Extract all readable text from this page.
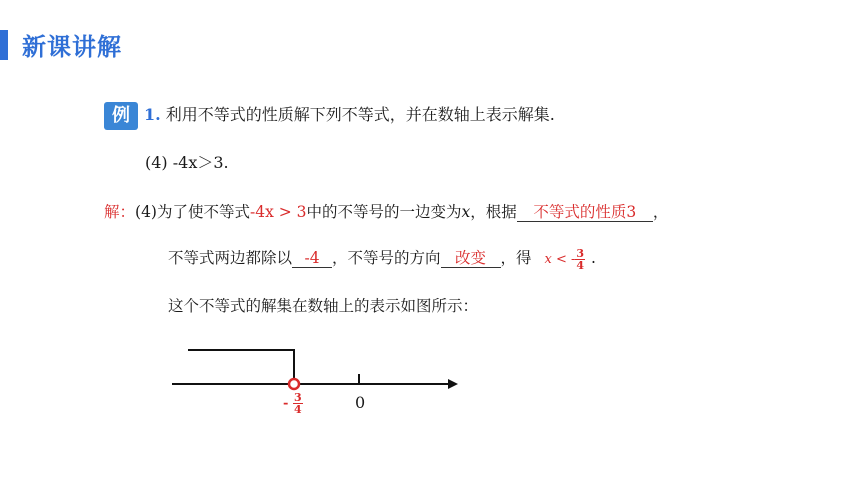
新课讲解
例 1. 利用不等式的性质解下列不等式，并在数轴上表示解集.
(4) -4x＞3.
解：(4)为了使不等式-4x > 3中的不等号的一边变为x，根据 不等式的性质3 ，
不等式两边都除以 -4 ，不等号的方向 改变 ，得 x < - $\frac{3}{4}$ .
这个不等式的解集在数轴上的表示如图所示：
0
- $\frac{3}{4}$
